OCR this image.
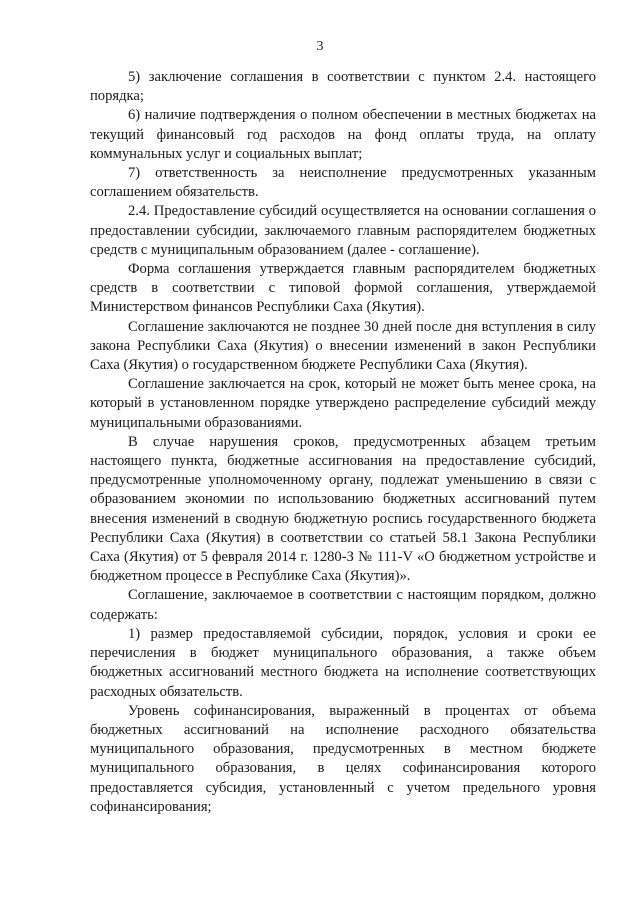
3

5) заключение соглашения в соответствии с пунктом 2.4. настоящего порядка;

6) наличие подтверждения о полном обеспечении в местных бюджетах на текущий финансовый год расходов на фонд оплаты труда, на оплату коммунальных услуг и социальных выплат;

7) ответственность за неисполнение предусмотренных указанным соглашением обязательств.

2.4. Предоставление субсидий осуществляется на основании соглашения о предоставлении субсидии, заключаемого главным распорядителем бюджетных средств с муниципальным образованием (далее - соглашение).

Форма соглашения утверждается главным распорядителем бюджетных средств в соответствии с типовой формой соглашения, утверждаемой Министерством финансов Республики Саха (Якутия).

Соглашение заключаются не позднее 30 дней после дня вступления в силу закона Республики Саха (Якутия) о внесении изменений в закон Республики Саха (Якутия) о государственном бюджете Республики Саха (Якутия).

Соглашение заключается на срок, который не может быть менее срока, на который в установленном порядке утверждено распределение субсидий между муниципальными образованиями.

В случае нарушения сроков, предусмотренных абзацем третьим настоящего пункта, бюджетные ассигнования на предоставление субсидий, предусмотренные уполномоченному органу, подлежат уменьшению в связи с образованием экономии по использованию бюджетных ассигнований путем внесения изменений в сводную бюджетную роспись государственного бюджета Республики Саха (Якутия) в соответствии со статьей 58.1 Закона Республики Саха (Якутия) от 5 февраля 2014 г. 1280-З № 111-V «О бюджетном устройстве и бюджетном процессе в Республике Саха (Якутия)».

Соглашение, заключаемое в соответствии с настоящим порядком, должно содержать:

1) размер предоставляемой субсидии, порядок, условия и сроки ее перечисления в бюджет муниципального образования, а также объем бюджетных ассигнований местного бюджета на исполнение соответствующих расходных обязательств.

Уровень софинансирования, выраженный в процентах от объема бюджетных ассигнований на исполнение расходного обязательства муниципального образования, предусмотренных в местном бюджете муниципального образования, в целях софинансирования которого предоставляется субсидия, установленный с учетом предельного уровня софинансирования;
